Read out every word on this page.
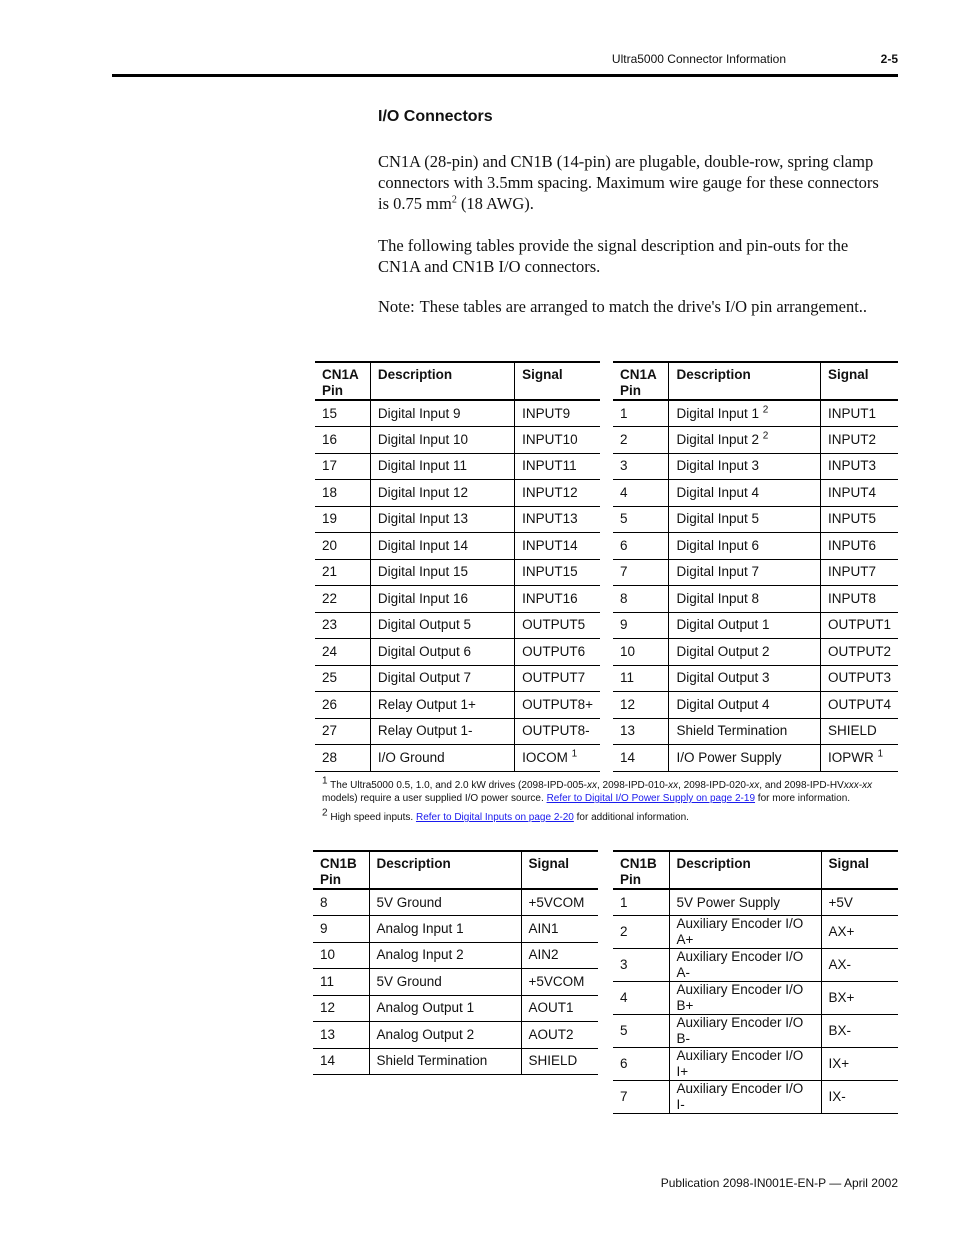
Ultra5000 Connector Information	2-5
I/O Connectors

CN1A (28-pin) and CN1B (14-pin) are plugable, double-row, spring clamp connectors with 3.5mm spacing. Maximum wire gauge for these connectors is 0.75 $mm^2$ (18 AWG).

The following tables provide the signal description and pin-outs for the CN1A and CN1B I/O connectors.

Note: These tables are arranged to match the drive's I/O pin arrangement..
CN1A
Pin	Description	Signal
15	Digital Input 9	INPUT9
16	Digital Input 10	INPUT10
17	Digital Input 11	INPUT11
18	Digital Input 12	INPUT12
19	Digital Input 13	INPUT13
20	Digital Input 14	INPUT14
21	Digital Input 15	INPUT15
22	Digital Input 16	INPUT16
23	Digital Output 5	OUTPUT5
24	Digital Output 6	OUTPUT6
25	Digital Output 7	OUTPUT7
26	Relay Output 1+	OUTPUT8+
27	Relay Output 1-	OUTPUT8-
28	I/O Ground	IOCOM $^1$
CN1A
Pin	Description	Signal
1	Digital Input 1 $^2$	INPUT1
2	Digital Input 2 $^2$	INPUT2
3	Digital Input 3	INPUT3
4	Digital Input 4	INPUT4
5	Digital Input 5	INPUT5
6	Digital Input 6	INPUT6
7	Digital Input 7	INPUT7
8	Digital Input 8	INPUT8
9	Digital Output 1	OUTPUT1
10	Digital Output 2	OUTPUT2
11	Digital Output 3	OUTPUT3
12	Digital Output 4	OUTPUT4
13	Shield Termination	SHIELD
14	I/O Power Supply	IOPWR $^1$
$^1$ The Ultra5000 0.5, 1.0, and 2.0 kW drives (2098-IPD-005-xx, 2098-IPD-010-xx, 2098-IPD-020-xx, and 2098-IPD-HVxxx-xx models) require a user supplied I/O power source. Refer to Digital I/O Power Supply on page 2-19 for more information.
$^2$ High speed inputs. Refer to Digital Inputs on page 2-20 for additional information.
CN1B
Pin	Description	Signal
8	5V Ground	+5VCOM
9	Analog Input 1	AIN1
10	Analog Input 2	AIN2
11	5V Ground	+5VCOM
12	Analog Output 1	AOUT1
13	Analog Output 2	AOUT2
14	Shield Termination	SHIELD
CN1B
Pin	Description	Signal
1	5V Power Supply	+5V
2	Auxiliary Encoder I/O A+	AX+
3	Auxiliary Encoder I/O A-	AX-
4	Auxiliary Encoder I/O B+	BX+
5	Auxiliary Encoder I/O B-	BX-
6	Auxiliary Encoder I/O I+	IX+
7	Auxiliary Encoder I/O I-	IX-
Publication 2098-IN001E-EN-P — April 2002
